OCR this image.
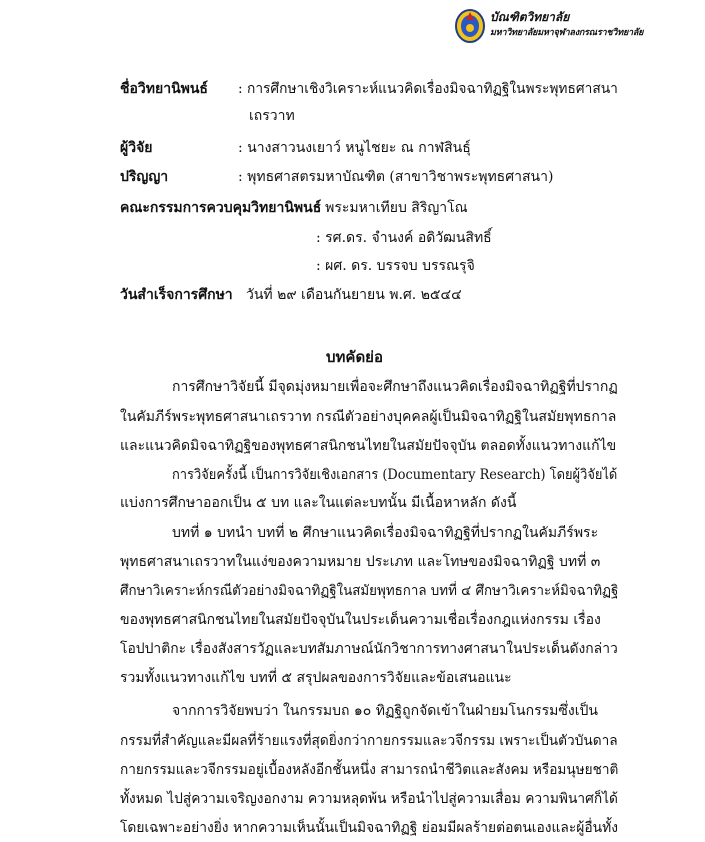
บัณฑิตวิทยาลัย
มหาวิทยาลัยมหาจุฬาลงกรณราชวิทยาลัย
ชื่อวิทยานิพนธ์ : การศึกษาเชิงวิเคราะห์แนวคิดเรื่องมิจฉาทิฏฐิในพระพุทธศาสนา
เถรวาท
ผู้วิจัย	: นางสาวนงเยาว์ หนูไชยะ ณ กาฬสินธุ์
ปริญญา	: พุทธศาสตรมหาบัณฑิต (สาขาวิชาพระพุทธศาสนา)
คณะกรรมการควบคุมวิทยานิพนธ์
: พระมหาเทียบ สิริญาโณ
: รศ.ดร. จำนงค์ อดิวัฒนสิทธิ์
: ผศ. ดร. บรรจบ บรรณรุจิ
วันสำเร็จการศึกษา วันที่ ๒๙ เดือนกันยายน พ.ศ. ๒๕๔๔
บทคัดย่อ
การศึกษาวิจัยนี้ มีจุดมุ่งหมายเพื่อจะศึกษาถึงแนวคิดเรื่องมิจฉาทิฏฐิที่ปรากฏ
ในคัมภีร์พระพุทธศาสนาเถรวาท กรณีตัวอย่างบุคคลผู้เป็นมิจฉาทิฏฐิในสมัยพุทธกาล
และแนวคิดมิจฉาทิฏฐิของพุทธศาสนิกชนไทยในสมัยปัจจุบัน ตลอดทั้งแนวทางแก้ไข
การวิจัยครั้งนี้ เป็นการวิจัยเชิงเอกสาร (Documentary Research) โดยผู้วิจัยได้
แบ่งการศึกษาออกเป็น ๕ บท และในแต่ละบทนั้น มีเนื้อหาหลัก ดังนี้
บทที่ ๑ บทนำ บทที่ ๒ ศึกษาแนวคิดเรื่องมิจฉาทิฏฐิที่ปรากฏในคัมภีร์พระ
พุทธศาสนาเถรวาทในแง่ของความหมาย ประเภท และโทษของมิจฉาทิฏฐิ บทที่ ๓
ศึกษาวิเคราะห์กรณีตัวอย่างมิจฉาทิฏฐิในสมัยพุทธกาล บทที่ ๔ ศึกษาวิเคราะห์มิจฉาทิฏฐิ
ของพุทธศาสนิกชนไทยในสมัยปัจจุบันในประเด็นความเชื่อเรื่องกฎแห่งกรรม เรื่อง
โอปปาติกะ เรื่องสังสารวัฏและบทสัมภาษณ์นักวิชาการทางศาสนาในประเด็นดังกล่าว
รวมทั้งแนวทางแก้ไข บทที่ ๕ สรุปผลของการวิจัยและข้อเสนอแนะ
จากการวิจัยพบว่า ในกรรมบถ ๑๐ ทิฏฐิถูกจัดเข้าในฝ่ายมโนกรรมซึ่งเป็น
กรรมที่สำคัญและมีผลที่ร้ายแรงที่สุดยิ่งกว่ากายกรรมและวจีกรรม เพราะเป็นตัวบันดาล
กายกรรมและวจีกรรมอยู่เบื้องหลังอีกชั้นหนึ่ง สามารถนำชีวิตและสังคม หรือมนุษยชาติ
ทั้งหมด ไปสู่ความเจริญงอกงาม ความหลุดพ้น หรือนำไปสู่ความเสื่อม ความพินาศก็ได้
โดยเฉพาะอย่างยิ่ง หากความเห็นนั้นเป็นมิจฉาทิฏฐิ ย่อมมีผลร้ายต่อตนเองและผู้อื่นทั้ง
